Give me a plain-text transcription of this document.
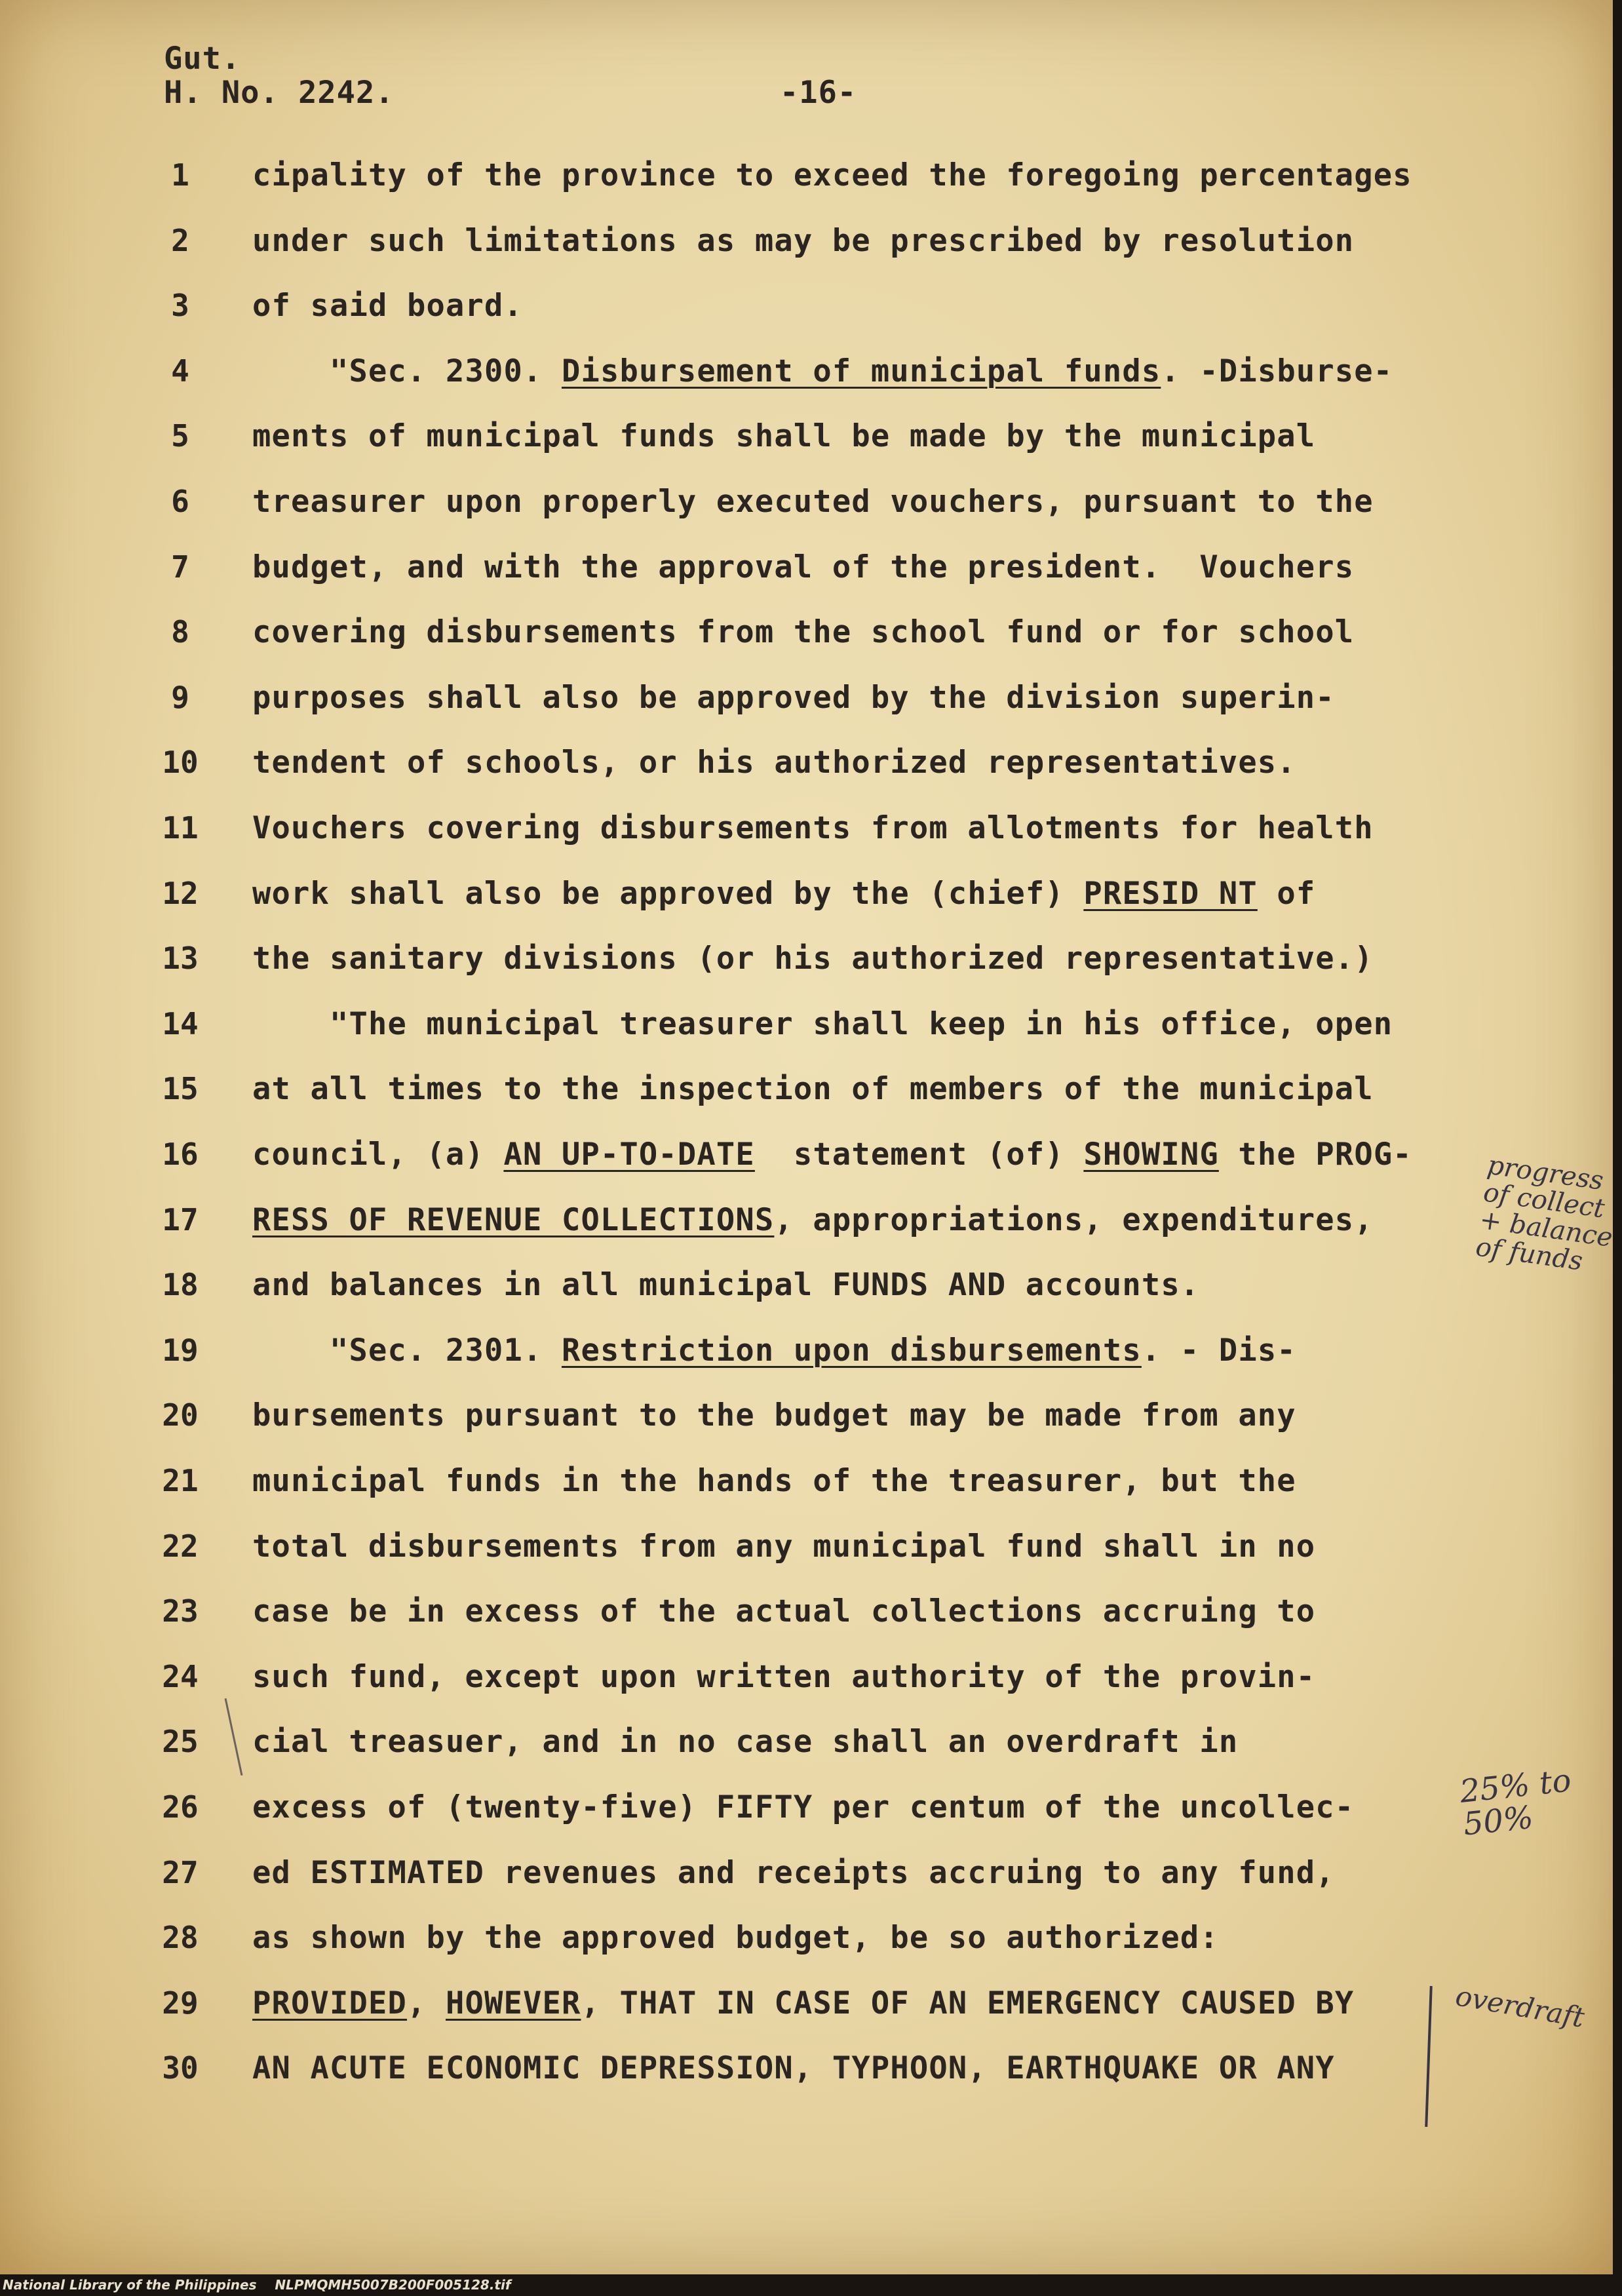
Gut.
H. No. 2242.	-16-
1	cipality of the province to exceed the foregoing percentages
2	under such limitations as may be prescribed by resolution
3	of said board.
4	"Sec. 2300. Disbursement of municipal funds. -Disburse-
5	ments of municipal funds shall be made by the municipal
6	treasurer upon properly executed vouchers, pursuant to the
7	budget, and with the approval of the president.  Vouchers
8	covering disbursements from the school fund or for school
9	purposes shall also be approved by the division superin-
10	tendent of schools, or his authorized representatives.
11	Vouchers covering disbursements from allotments for health
12	work shall also be approved by the (chief) PRESID NT of
13	the sanitary divisions (or his authorized representative.)
14	"The municipal treasurer shall keep in his office, open
15	at all times to the inspection of members of the municipal
16	council, (a) AN UP-TO-DATE  statement (of) SHOWING the PROG-
17	RESS OF REVENUE COLLECTIONS, appropriations, expenditures,
18	and balances in all municipal FUNDS AND accounts.
19	"Sec. 2301. Restriction upon disbursements. - Dis-
20	bursements pursuant to the budget may be made from any
21	municipal funds in the hands of the treasurer, but the
22	total disbursements from any municipal fund shall in no
23	case be in excess of the actual collections accruing to
24	such fund, except upon written authority of the provin-
25	cial treasuer, and in no case shall an overdraft in
26	excess of (twenty-five) FIFTY per centum of the uncollec-
27	ed ESTIMATED revenues and receipts accruing to any fund,
28	as shown by the approved budget, be so authorized:
29	PROVIDED, HOWEVER, THAT IN CASE OF AN EMERGENCY CAUSED BY
30	AN ACUTE ECONOMIC DEPRESSION, TYPHOON, EARTHQUAKE OR ANY
progress
of collect
+ balance
of funds
25% to
50%
overdraft
National Library of the Philippines    NLPMQMH5007B200F005128.tif
